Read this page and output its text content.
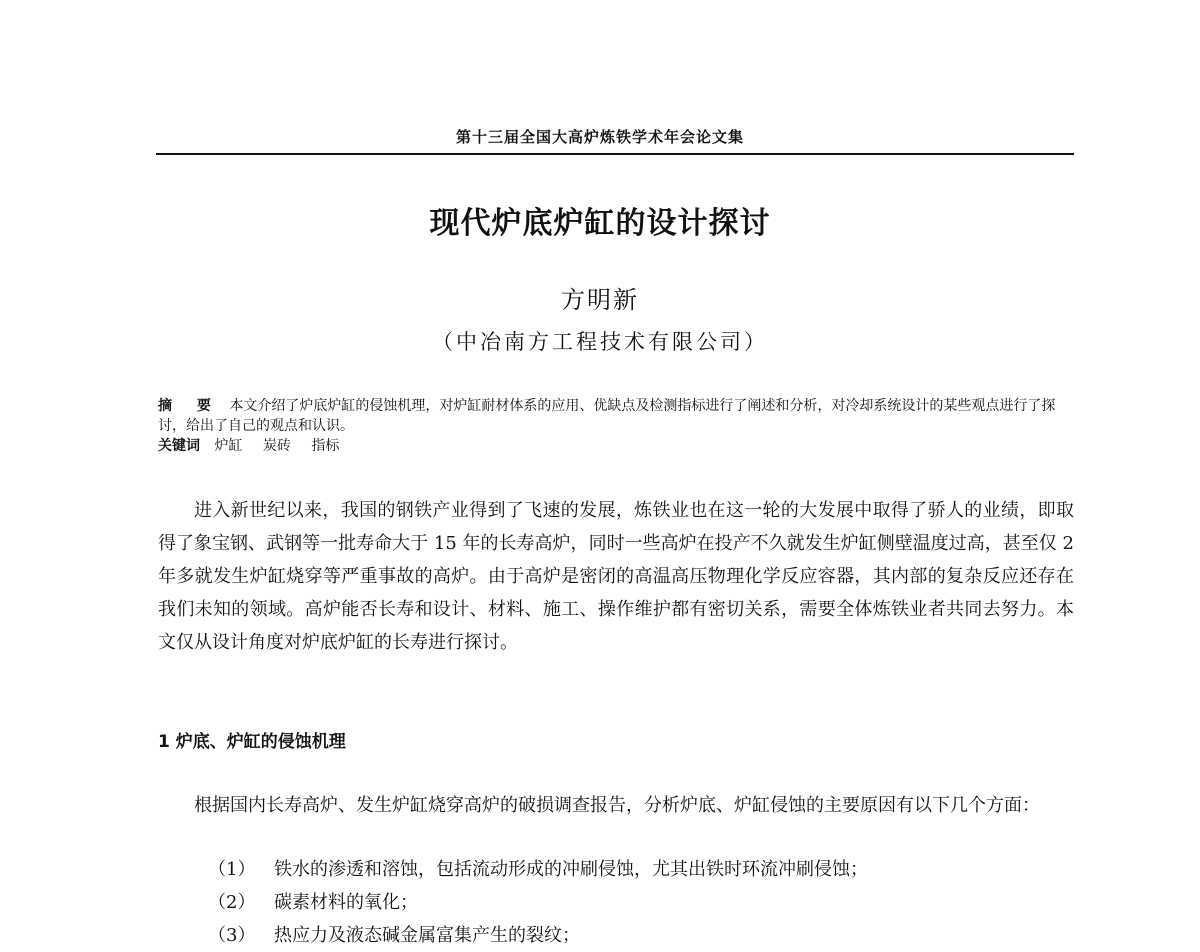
第十三届全国大高炉炼铁学术年会论文集
现代炉底炉缸的设计探讨
方明新
（中冶南方工程技术有限公司）
摘 要 本文介绍了炉底炉缸的侵蚀机理，对炉缸耐材体系的应用、优缺点及检测指标进行了阐述和分析，对冷却系统设计的某些观点进行了探讨，给出了自己的观点和认识。
关键词 炉缸 炭砖 指标
进入新世纪以来，我国的钢铁产业得到了飞速的发展，炼铁业也在这一轮的大发展中取得了骄人的业绩，即取得了象宝钢、武钢等一批寿命大于 15 年的长寿高炉，同时一些高炉在投产不久就发生炉缸侧壁温度过高，甚至仅 2 年多就发生炉缸烧穿等严重事故的高炉。由于高炉是密闭的高温高压物理化学反应容器，其内部的复杂反应还存在我们未知的领域。高炉能否长寿和设计、材料、施工、操作维护都有密切关系，需要全体炼铁业者共同去努力。本文仅从设计角度对炉底炉缸的长寿进行探讨。
1 炉底、炉缸的侵蚀机理
根据国内长寿高炉、发生炉缸烧穿高炉的破损调查报告，分析炉底、炉缸侵蚀的主要原因有以下几个方面：
（1） 铁水的渗透和溶蚀，包括流动形成的冲刷侵蚀，尤其出铁时环流冲刷侵蚀；
（2） 碳素材料的氧化；
（3） 热应力及液态碱金属富集产生的裂纹；
